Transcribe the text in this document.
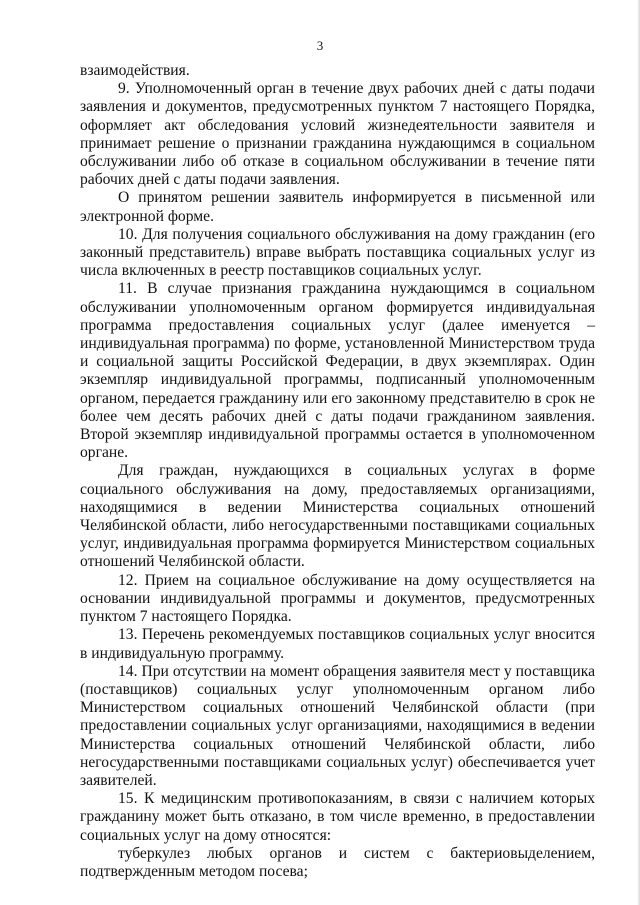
3

взаимодействия.

9. Уполномоченный орган в течение двух рабочих дней с даты подачи заявления и документов, предусмотренных пунктом 7 настоящего Порядка, оформляет акт обследования условий жизнедеятельности заявителя и принимает решение о признании гражданина нуждающимся в социальном обслуживании либо об отказе в социальном обслуживании в течение пяти рабочих дней с даты подачи заявления.

О принятом решении заявитель информируется в письменной или электронной форме.

10. Для получения социального обслуживания на дому гражданин (его законный представитель) вправе выбрать поставщика социальных услуг из числа включенных в реестр поставщиков социальных услуг.

11. В случае признания гражданина нуждающимся в социальном обслуживании уполномоченным органом формируется индивидуальная программа предоставления социальных услуг (далее именуется – индивидуальная программа) по форме, установленной Министерством труда и социальной защиты Российской Федерации, в двух экземплярах. Один экземпляр индивидуальной программы, подписанный уполномоченным органом, передается гражданину или его законному представителю в срок не более чем десять рабочих дней с даты подачи гражданином заявления. Второй экземпляр индивидуальной программы остается в уполномоченном органе.

Для граждан, нуждающихся в социальных услугах в форме социального обслуживания на дому, предоставляемых организациями, находящимися в ведении Министерства социальных отношений Челябинской области, либо негосударственными поставщиками социальных услуг, индивидуальная программа формируется Министерством социальных отношений Челябинской области.

12. Прием на социальное обслуживание на дому осуществляется на основании индивидуальной программы и документов, предусмотренных пунктом 7 настоящего Порядка.

13. Перечень рекомендуемых поставщиков социальных услуг вносится в индивидуальную программу.

14. При отсутствии на момент обращения заявителя мест у поставщика (поставщиков) социальных услуг уполномоченным органом либо Министерством социальных отношений Челябинской области (при предоставлении социальных услуг организациями, находящимися в ведении Министерства социальных отношений Челябинской области, либо негосударственными поставщиками социальных услуг) обеспечивается учет заявителей.

15. К медицинским противопоказаниям, в связи с наличием которых гражданину может быть отказано, в том числе временно, в предоставлении социальных услуг на дому относятся:

туберкулез любых органов и систем с бактериовыделением, подтвержденным методом посева;
